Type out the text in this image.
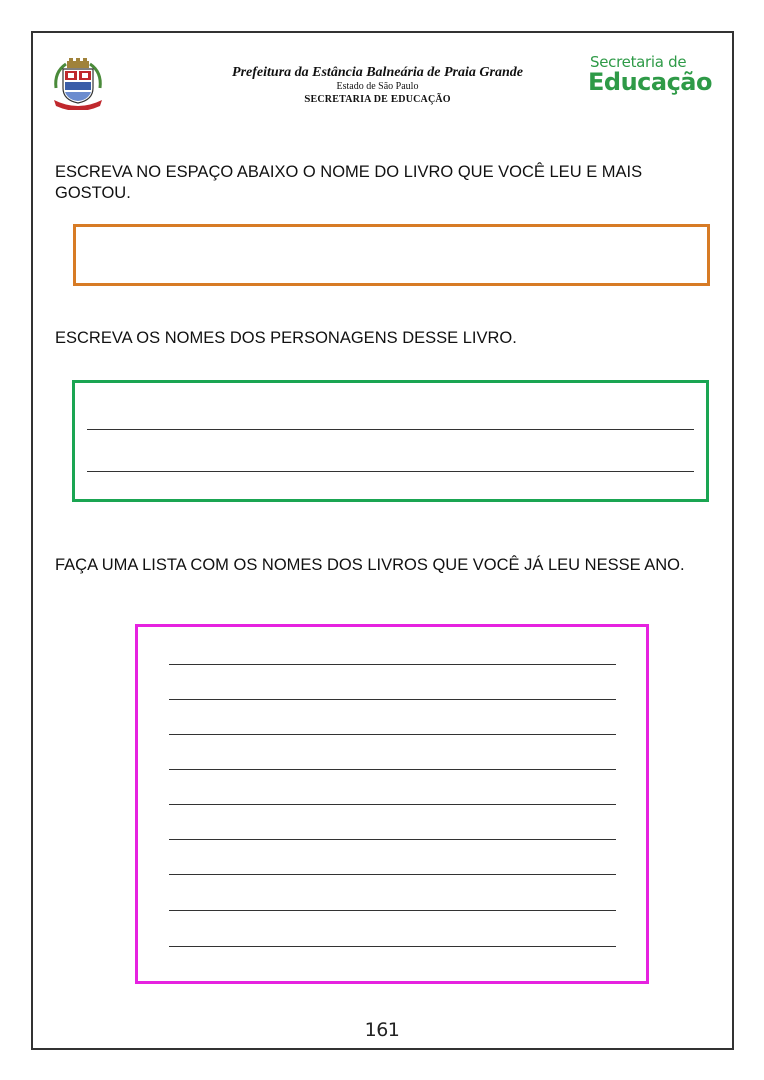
Prefeitura da Estância Balneária de Praia Grande
Estado de São Paulo
SECRETARIA DE EDUCAÇÃO
Secretaria de
Educação
ESCREVA NO ESPAÇO ABAIXO O NOME DO LIVRO QUE VOCÊ LEU E MAIS GOSTOU.
ESCREVA OS NOMES DOS PERSONAGENS DESSE LIVRO.
FAÇA UMA LISTA COM OS NOMES DOS LIVROS QUE VOCÊ JÁ LEU NESSE ANO.
161
